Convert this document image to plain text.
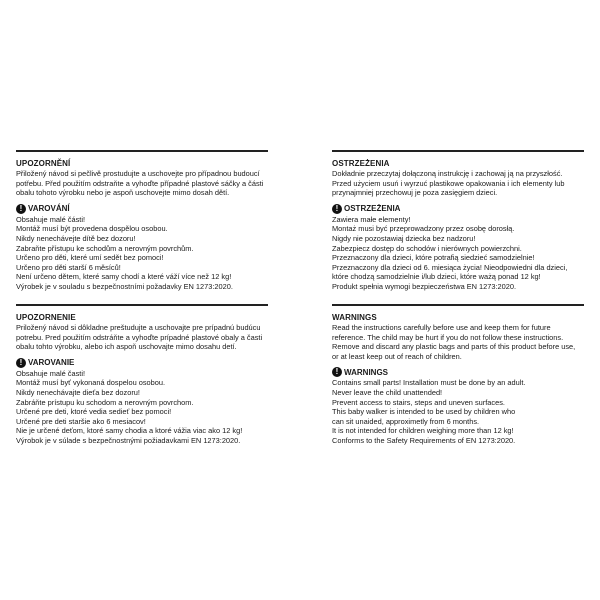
UPOZORNĚNÍ
Přiložený návod si pečlivě prostudujte a uschovejte pro případnou budoucí
potřebu. Před použitím odstraňte a vyhoďte případné plastové sáčky a části
obalu tohoto výrobku nebo je aspoň uschovejte mimo dosah dětí.
! VAROVÁNÍ
Obsahuje malé části!
Montáž musí být provedena dospělou osobou.
Nikdy nenechávejte dítě bez dozoru!
Zabraňte přístupu ke schodům a nerovným povrchům.
Určeno pro děti, které umí sedět bez pomoci!
Určeno pro děti starší 6 měsíců!
Není určeno dětem, které samy chodí a které váží více než 12 kg!
Výrobek je v souladu s bezpečnostními požadavky EN 1273:2020.
OSTRZEŻENIA
Dokładnie przeczytaj dołączoną instrukcję i zachowaj ją na przyszłość.
Przed użyciem usuń i wyrzuć plastikowe opakowania i ich elementy lub
przynajmniej przechowuj je poza zasięgiem dzieci.
! OSTRZEŻENIA
Zawiera małe elementy!
Montaż musi być przeprowadzony przez osobę dorosłą.
Nigdy nie pozostawiaj dziecka bez nadzoru!
Zabezpiecz dostęp do schodów i nierównych powierzchni.
Przeznaczony dla dzieci, które potrafią siedzieć samodzielnie!
Przeznaczony dla dzieci od 6. miesiąca życia! Nieodpowiedni dla dzieci,
które chodzą samodzielnie i/lub dzieci, które ważą ponad 12 kg!
Produkt spełnia wymogi bezpieczeństwa EN 1273:2020.
UPOZORNENIE
Priložený návod si dôkladne preštudujte a uschovajte pre prípadnú budúcu
potrebu. Pred použitím odstráňte a vyhoďte prípadné plastové obaly a časti
obalu tohto výrobku, alebo ich aspoň uschovajte mimo dosahu detí.
! VAROVANIE
Obsahuje malé časti!
Montáž musí byť vykonaná dospelou osobou.
Nikdy nenechávajte dieťa bez dozoru!
Zabráňte prístupu ku schodom a nerovným povrchom.
Určené pre deti, ktoré vedia sedieť bez pomoci!
Určené pre deti staršie ako 6 mesiacov!
Nie je určené deťom, ktoré samy chodia a ktoré vážia viac ako 12 kg!
Výrobok je v súlade s bezpečnostnými požiadavkami EN 1273:2020.
WARNINGS
Read the instructions carefully before use and keep them for future
reference. The child may be hurt if you do not follow these instructions.
Remove and discard any plastic bags and parts of this product before use,
or at least keep out of reach of children.
! WARNINGS
Contains small parts! Installation must be done by an adult.
Never leave the child unattended!
Prevent access to stairs, steps and uneven surfaces.
This baby walker is intended to be used by children who
can sit unaided, approximetly from 6 months.
It is not intended for children weighing more than 12 kg!
Conforms to the Safety Requirements of EN 1273:2020.
